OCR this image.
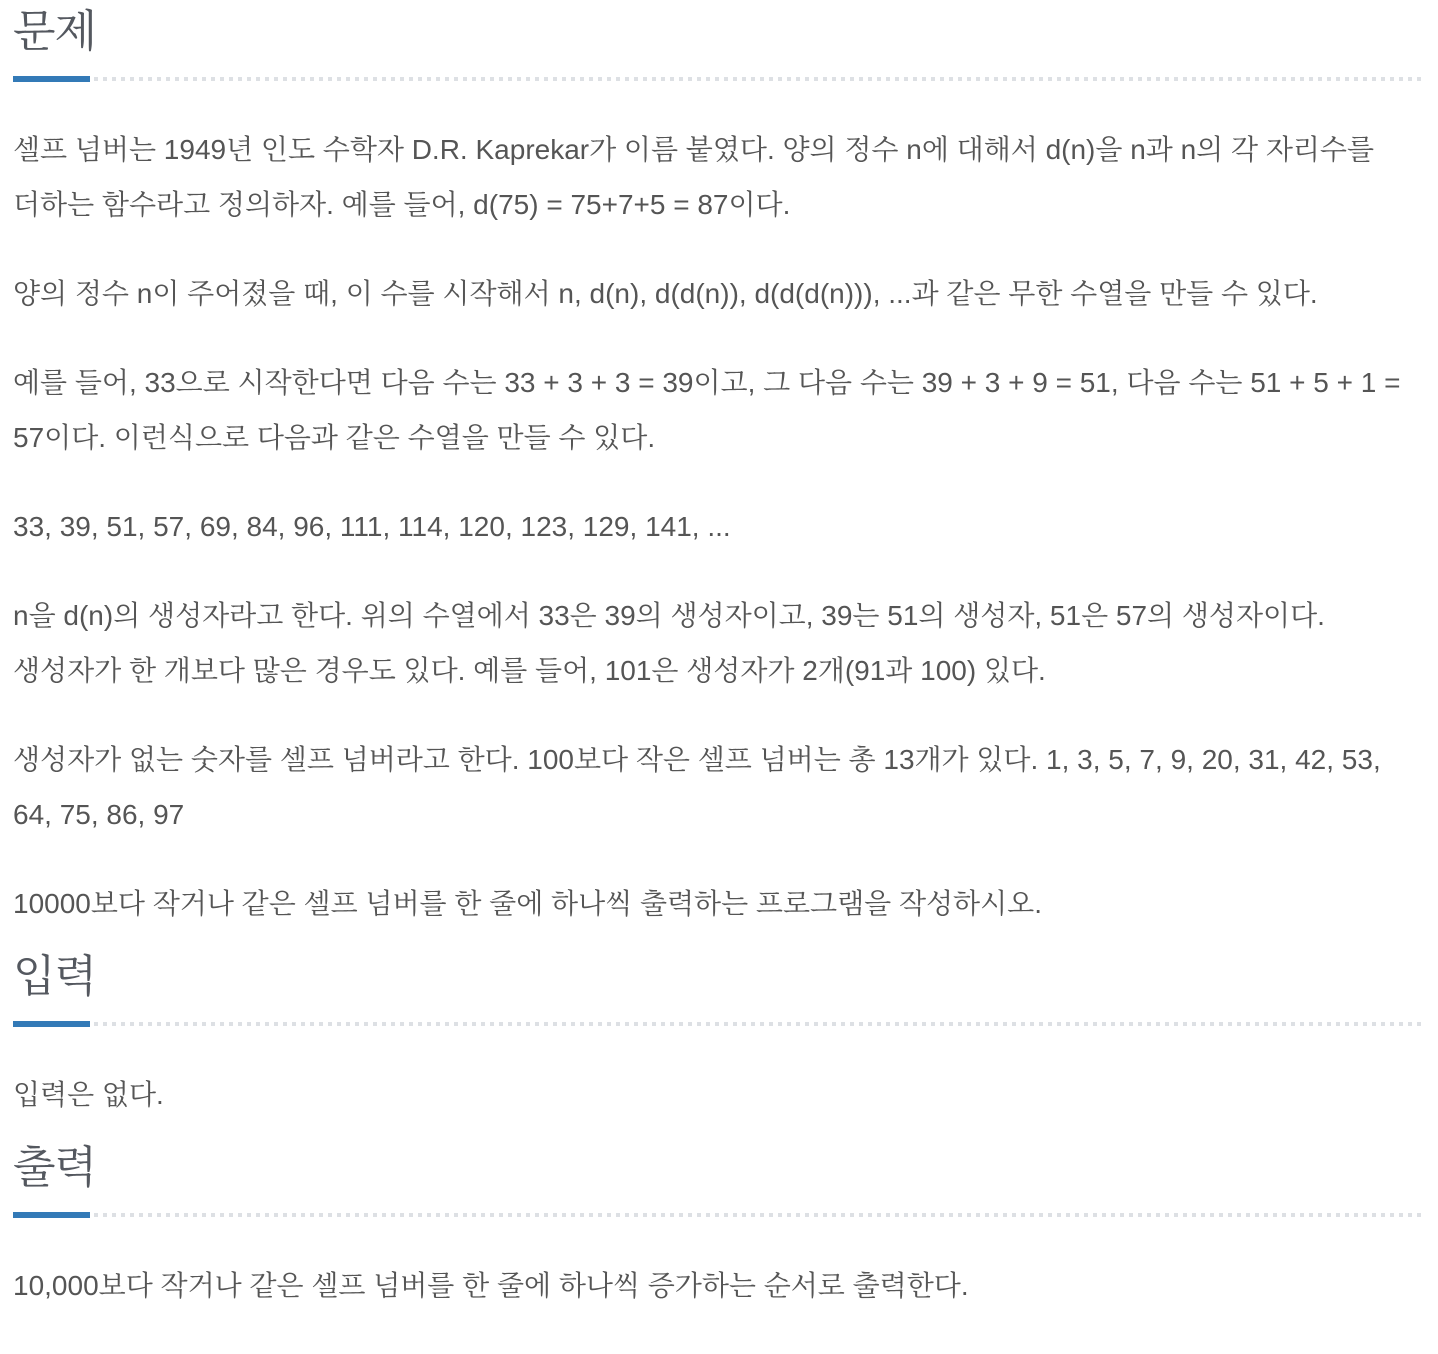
문제

셀프 넘버는 1949년 인도 수학자 D.R. Kaprekar가 이름 붙였다. 양의 정수 n에 대해서 d(n)을 n과 n의 각 자리수를 더하는 함수라고 정의하자. 예를 들어, d(75) = 75+7+5 = 87이다.

양의 정수 n이 주어졌을 때, 이 수를 시작해서 n, d(n), d(d(n)), d(d(d(n))), ...과 같은 무한 수열을 만들 수 있다.

예를 들어, 33으로 시작한다면 다음 수는 33 + 3 + 3 = 39이고, 그 다음 수는 39 + 3 + 9 = 51, 다음 수는 51 + 5 + 1 = 57이다. 이런식으로 다음과 같은 수열을 만들 수 있다.

33, 39, 51, 57, 69, 84, 96, 111, 114, 120, 123, 129, 141, ...

n을 d(n)의 생성자라고 한다. 위의 수열에서 33은 39의 생성자이고, 39는 51의 생성자, 51은 57의 생성자이다. 생성자가 한 개보다 많은 경우도 있다. 예를 들어, 101은 생성자가 2개(91과 100) 있다.

생성자가 없는 숫자를 셀프 넘버라고 한다. 100보다 작은 셀프 넘버는 총 13개가 있다. 1, 3, 5, 7, 9, 20, 31, 42, 53, 64, 75, 86, 97

10000보다 작거나 같은 셀프 넘버를 한 줄에 하나씩 출력하는 프로그램을 작성하시오.

입력

입력은 없다.

출력

10,000보다 작거나 같은 셀프 넘버를 한 줄에 하나씩 증가하는 순서로 출력한다.
